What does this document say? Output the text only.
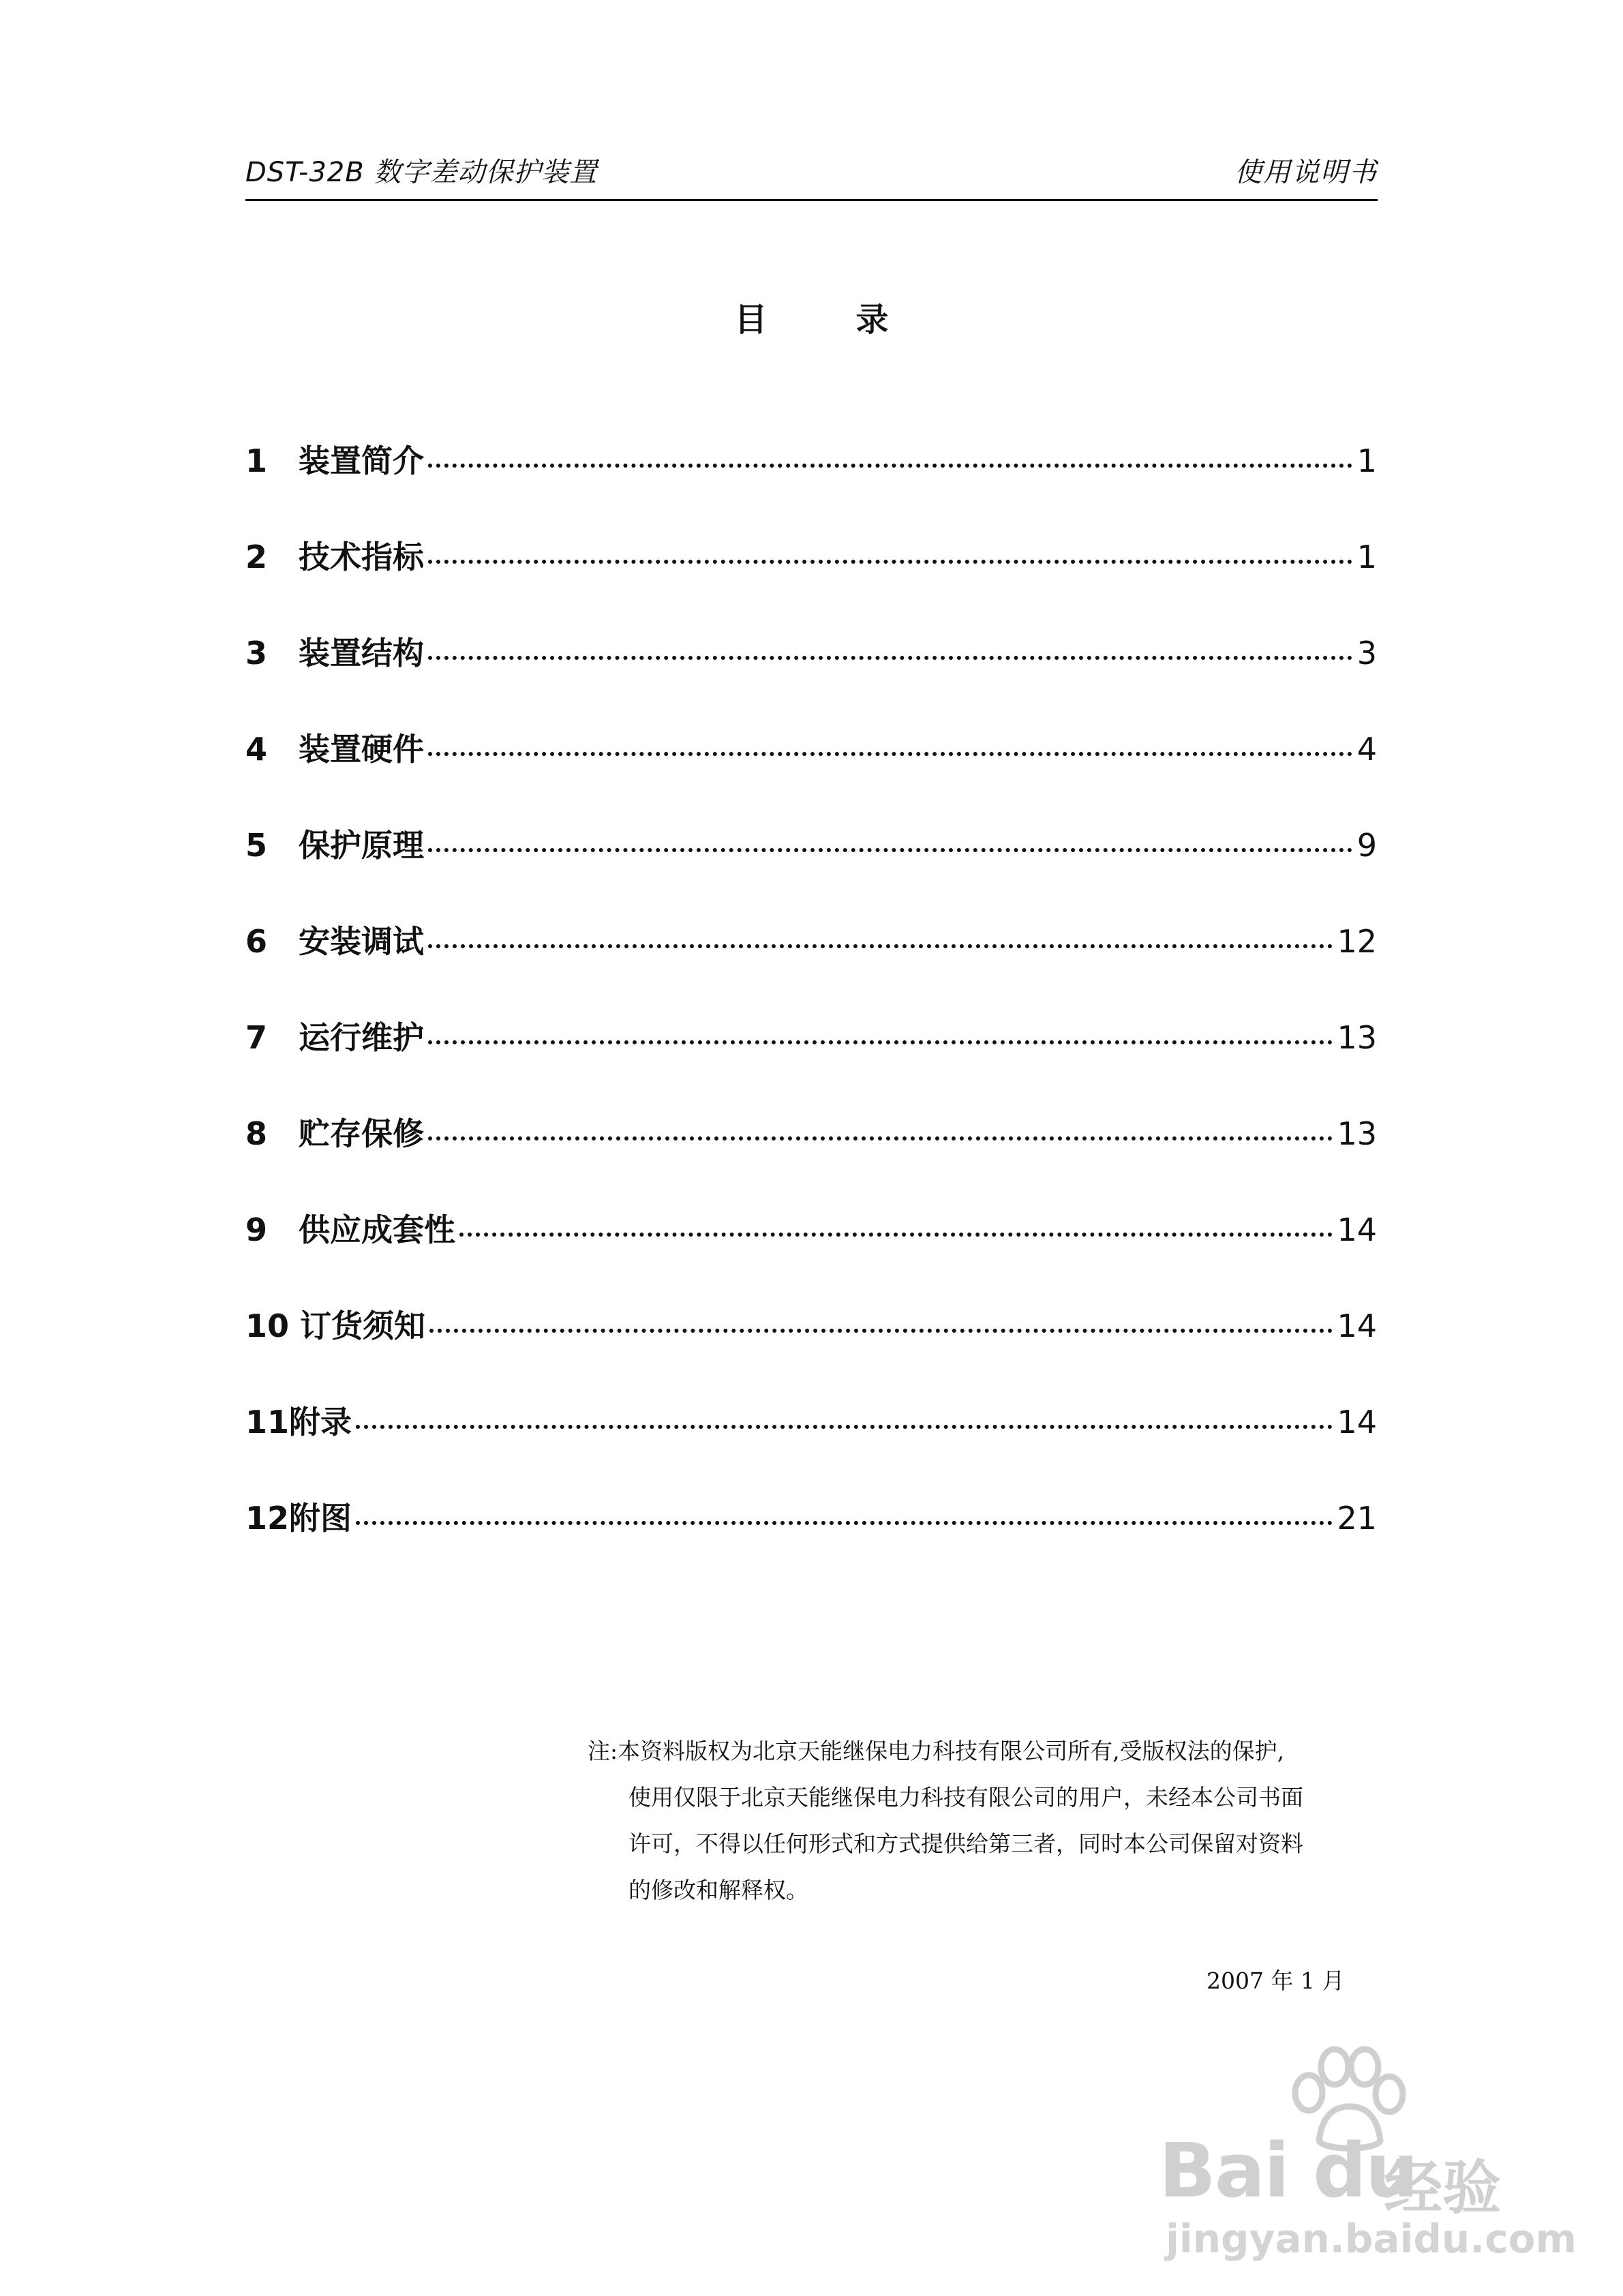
DST-32B 数字差动保护装置	使用说明书
目	录
1 装置简介	1
2 技术指标	1
3 装置结构	3
4 装置硬件	4
5 保护原理	9
6 安装调试	12
7 运行维护	13
8 贮存保修	13
9 供应成套性	14
10 订货须知	14
11 附录	14
12 附图	21
注:本资料版权为北京天能继保电力科技有限公司所有,受版权法的保护,
使用仅限于北京天能继保电力科技有限公司的用户，未经本公司书面
许可，不得以任何形式和方式提供给第三者，同时本公司保留对资料
的修改和解释权。
2007 年 1 月
Bai du
经验
jingyan.baidu.com
